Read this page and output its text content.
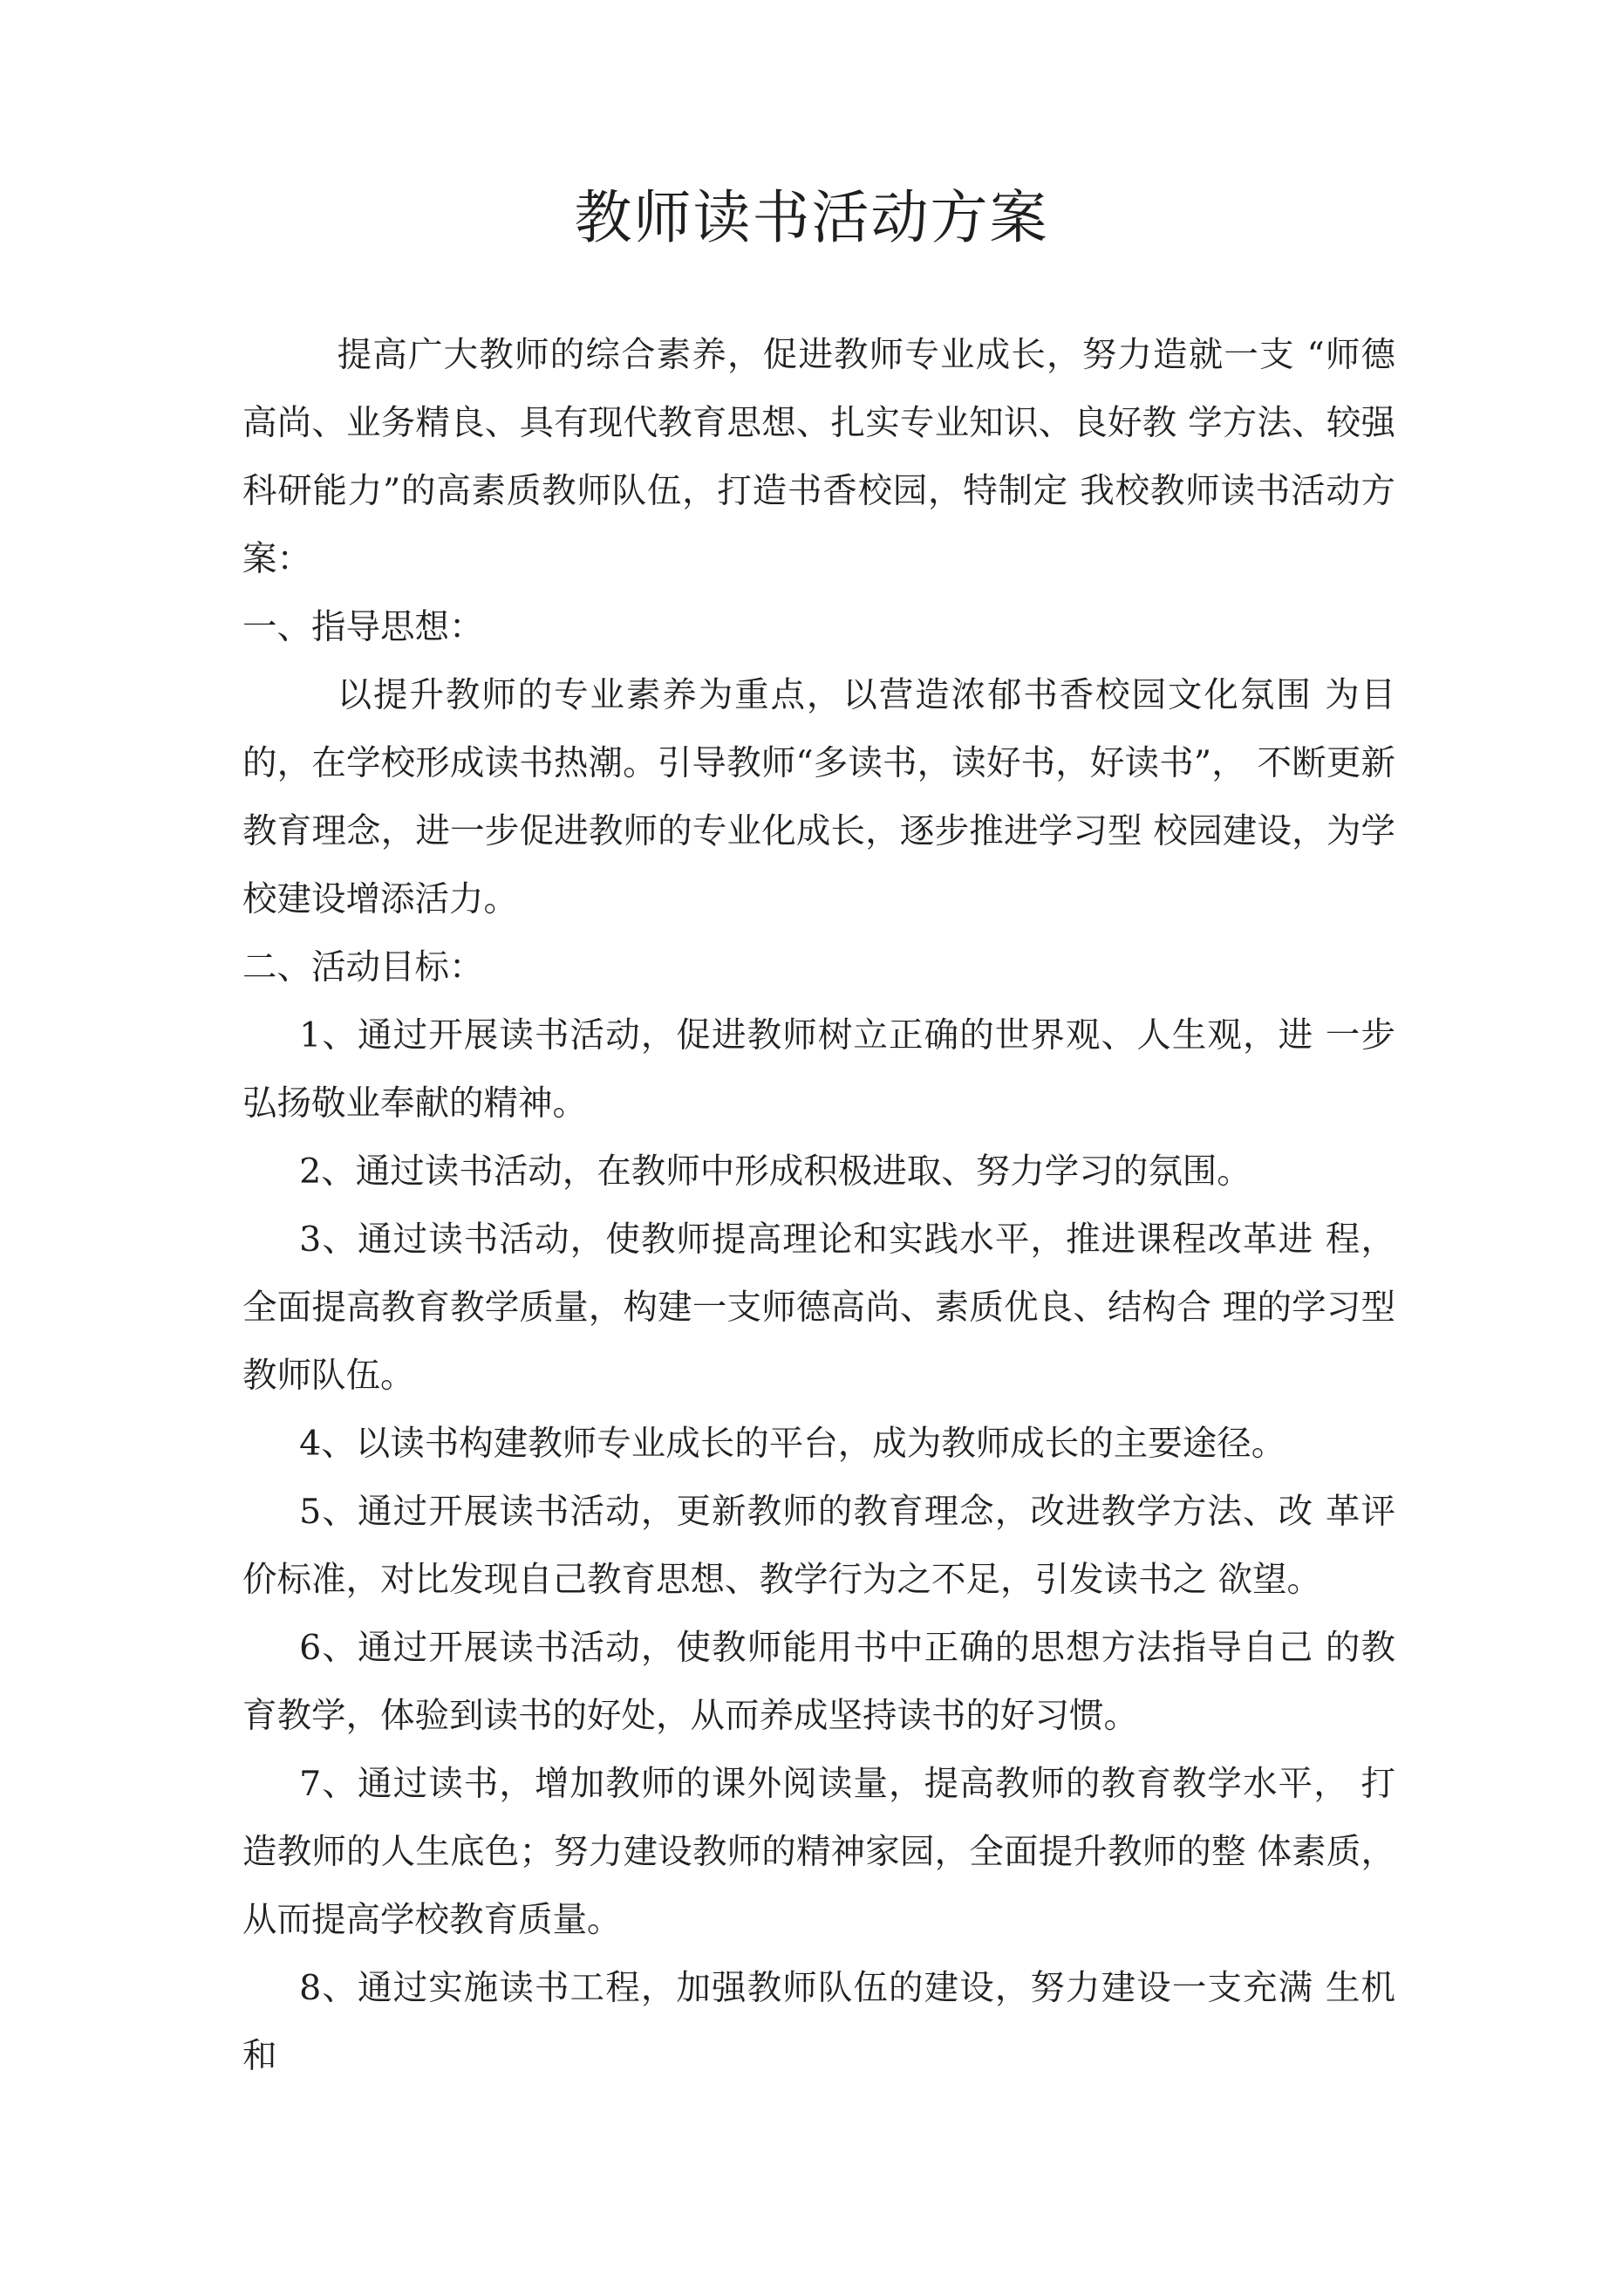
教师读书活动方案

提高广大教师的综合素养，促进教师专业成长，努力造就一支 “师德高尚、业务精良、具有现代教育思想、扎实专业知识、良好教 学方法、较强科研能力”的高素质教师队伍，打造书香校园，特制定 我校教师读书活动方案：

一、指导思想：

以提升教师的专业素养为重点，以营造浓郁书香校园文化氛围 为目的，在学校形成读书热潮。引导教师“多读书，读好书，好读书”， 不断更新教育理念，进一步促进教师的专业化成长，逐步推进学习型 校园建设，为学校建设增添活力。

二、活动目标：

1、通过开展读书活动，促进教师树立正确的世界观、人生观，进 一步弘扬敬业奉献的精神。

2、通过读书活动，在教师中形成积极进取、努力学习的氛围。

3、通过读书活动，使教师提高理论和实践水平，推进课程改革进 程，全面提高教育教学质量，构建一支师德高尚、素质优良、结构合 理的学习型教师队伍。

4、以读书构建教师专业成长的平台，成为教师成长的主要途径。

5、通过开展读书活动，更新教师的教育理念，改进教学方法、改 革评价标准，对比发现自己教育思想、教学行为之不足，引发读书之 欲望。

6、通过开展读书活动，使教师能用书中正确的思想方法指导自己 的教育教学，体验到读书的好处，从而养成坚持读书的好习惯。

7、通过读书，增加教师的课外阅读量，提高教师的教育教学水平， 打造教师的人生底色；努力建设教师的精神家园，全面提升教师的整 体素质，从而提高学校教育质量。

8、通过实施读书工程，加强教师队伍的建设，努力建设一支充满 生机和
